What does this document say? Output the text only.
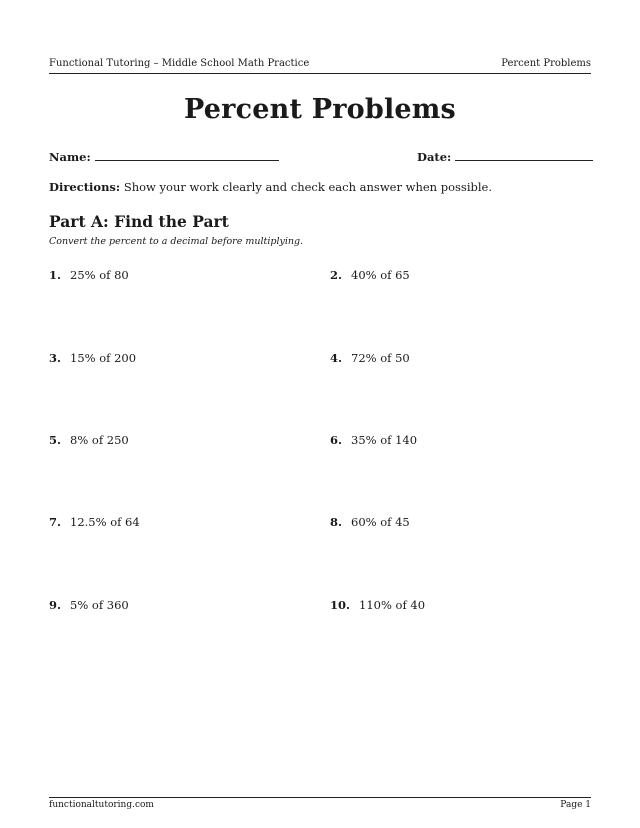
Functional Tutoring – Middle School Math Practice	Percent Problems
Percent Problems
Name:	Date:
Directions: Show your work clearly and check each answer when possible.
Part A: Find the Part
Convert the percent to a decimal before multiplying.
1. 25% of 80	2. 40% of 65
3. 15% of 200	4. 72% of 50
5. 8% of 250	6. 35% of 140
7. 12.5% of 64	8. 60% of 45
9. 5% of 360	10. 110% of 40
functionaltutoring.com	Page 1
